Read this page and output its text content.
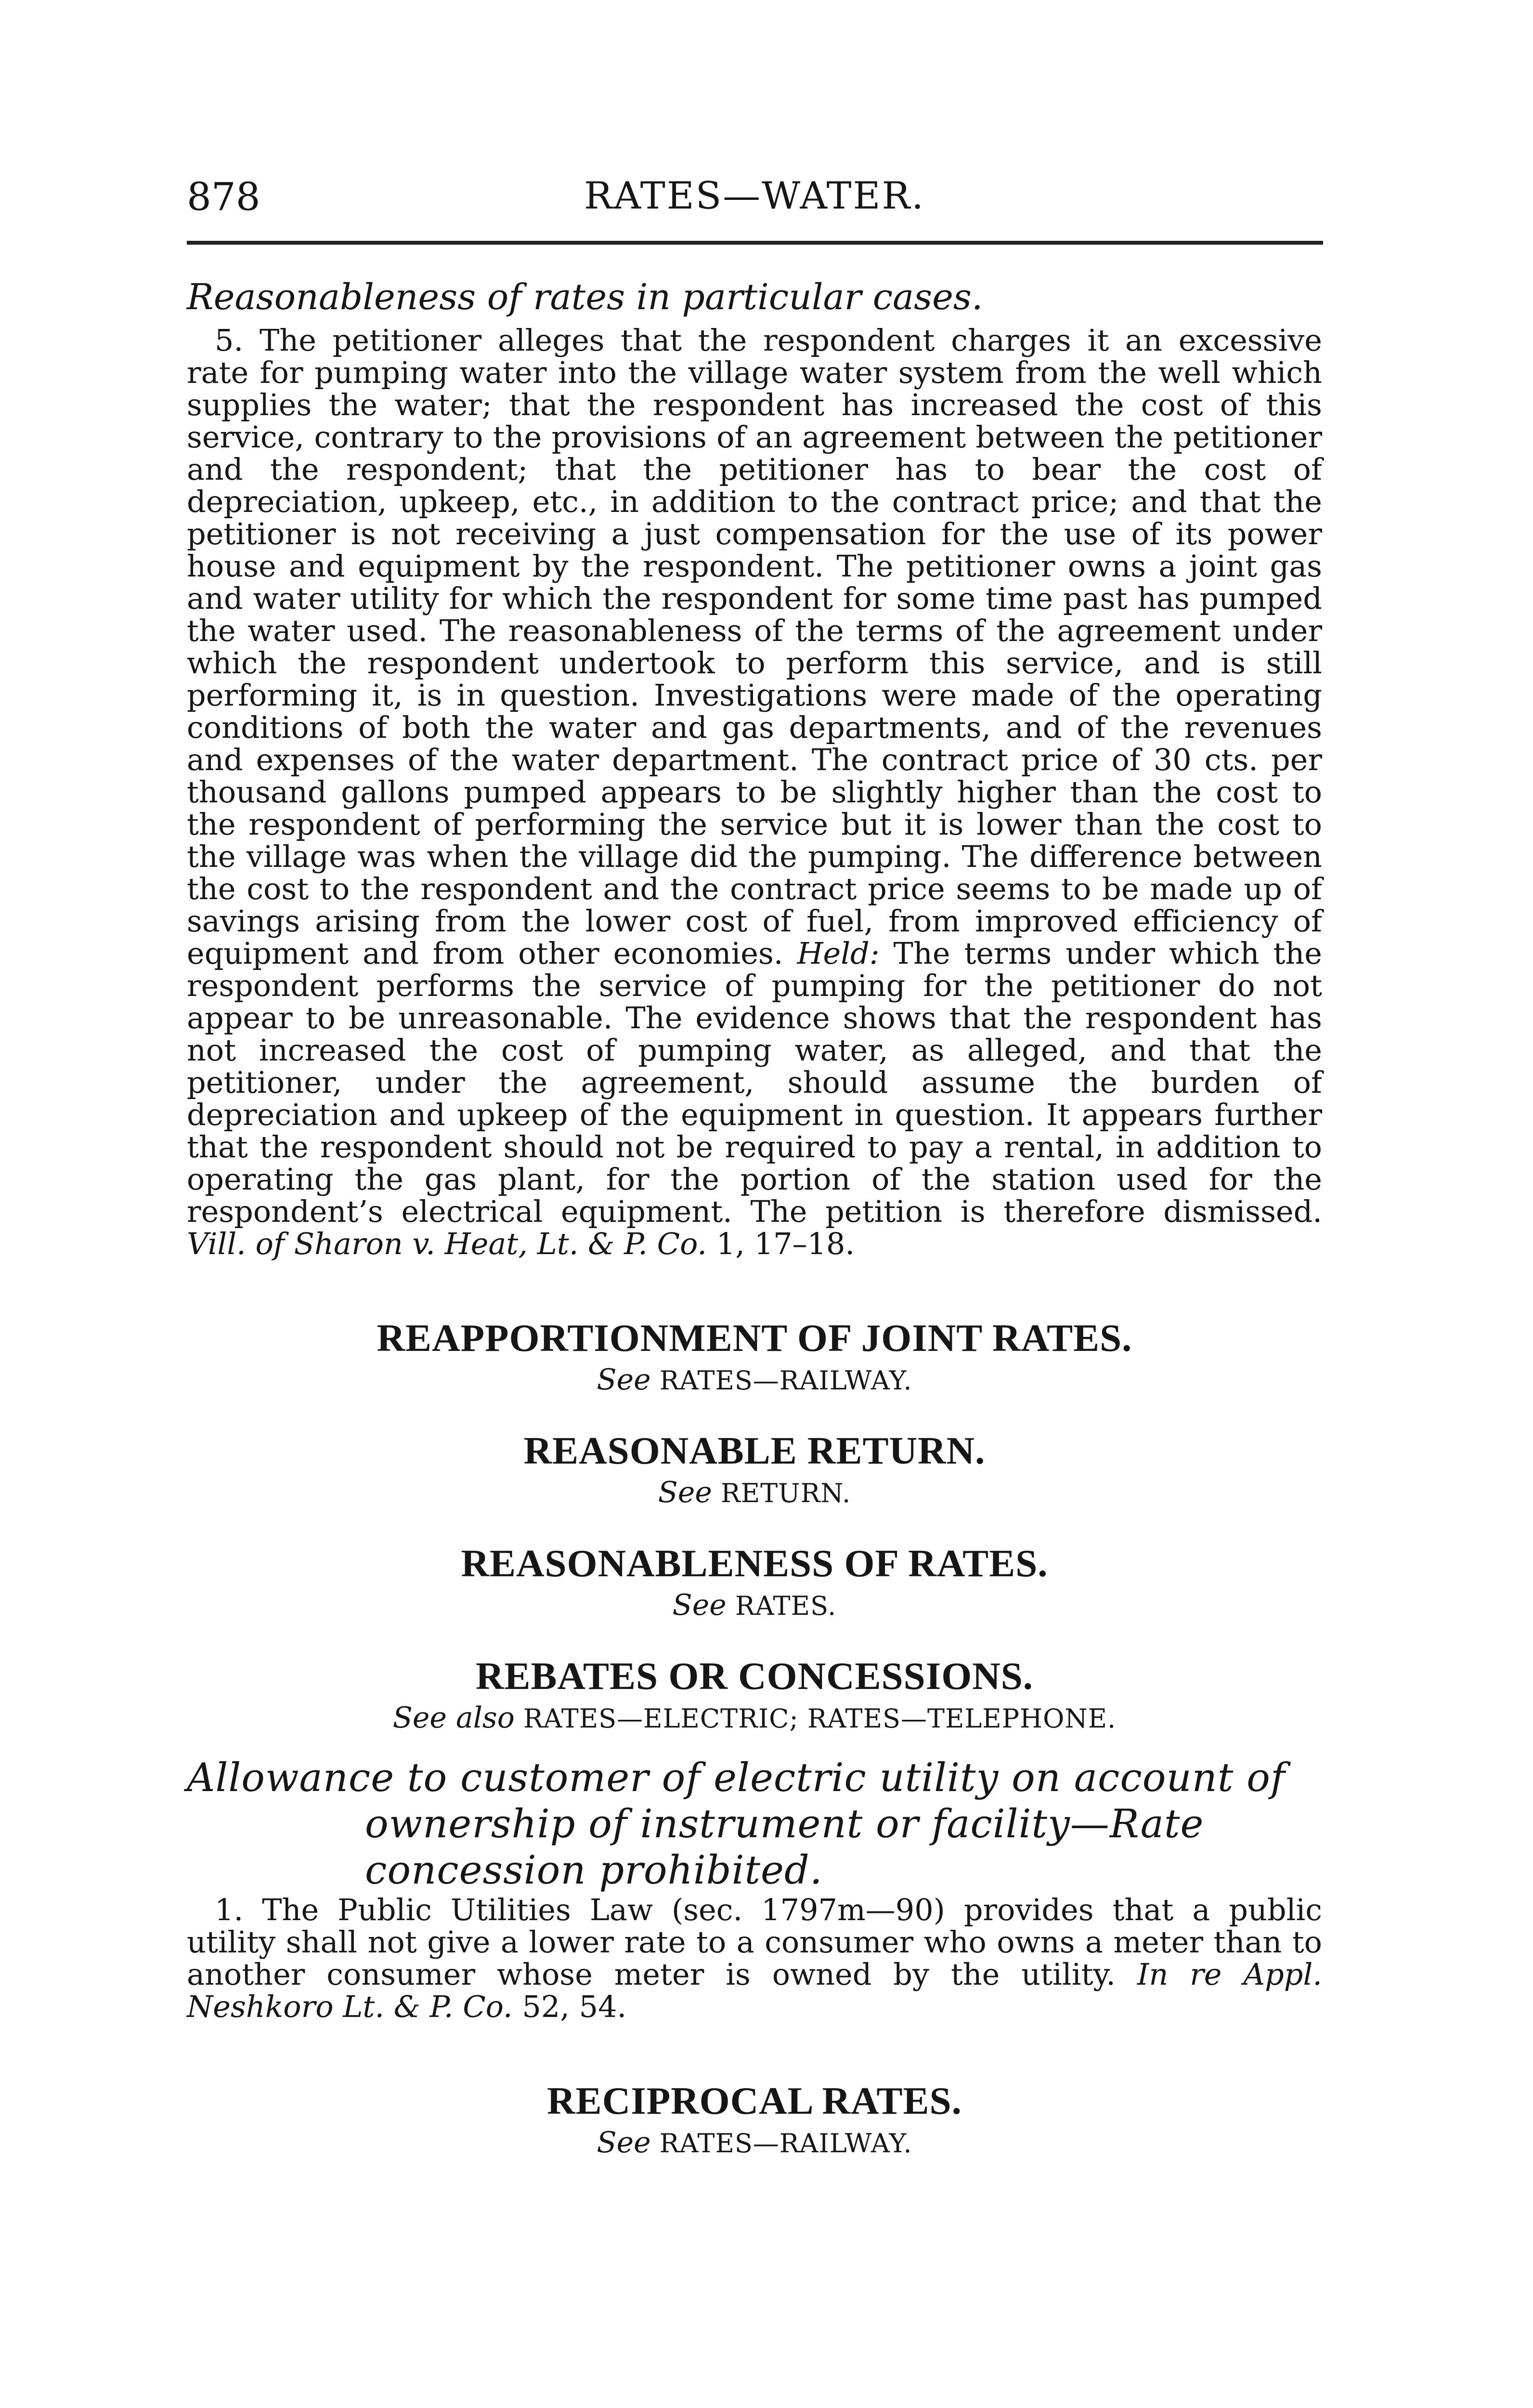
878	RATES—WATER.
Reasonableness of rates in particular cases.

5. The petitioner alleges that the respondent charges it an excessive rate for pumping water into the village water system from the well which supplies the water; that the respondent has increased the cost of this service, contrary to the provisions of an agreement between the petitioner and the respondent; that the petitioner has to bear the cost of depreciation, upkeep, etc., in addition to the contract price; and that the petitioner is not receiving a just compensation for the use of its power house and equipment by the respondent. The petitioner owns a joint gas and water utility for which the respondent for some time past has pumped the water used. The reasonableness of the terms of the agreement under which the respondent undertook to perform this service, and is still performing it, is in question. Investigations were made of the operating conditions of both the water and gas departments, and of the revenues and expenses of the water department. The contract price of 30 cts. per thousand gallons pumped appears to be slightly higher than the cost to the respondent of performing the service but it is lower than the cost to the village was when the village did the pumping. The difference between the cost to the respondent and the contract price seems to be made up of savings arising from the lower cost of fuel, from improved efficiency of equipment and from other economies. Held: The terms under which the respondent performs the service of pumping for the petitioner do not appear to be unreasonable. The evidence shows that the respondent has not increased the cost of pumping water, as alleged, and that the petitioner, under the agreement, should assume the burden of depreciation and upkeep of the equipment in question. It appears further that the respondent should not be required to pay a rental, in addition to operating the gas plant, for the portion of the station used for the respondent’s electrical equipment. The petition is therefore dismissed. Vill. of Sharon v. Heat, Lt. & P. Co. 1, 17–18.

REAPPORTIONMENT OF JOINT RATES.
See RATES—RAILWAY.
REASONABLE RETURN.
See RETURN.
REASONABLENESS OF RATES.
See RATES.
REBATES OR CONCESSIONS.
See also RATES—ELECTRIC; RATES—TELEPHONE.
Allowance to customer of electric utility on account of ownership of instrument or facility—Rate concession prohibited.

1. The Public Utilities Law (sec. 1797m—90) provides that a public utility shall not give a lower rate to a consumer who owns a meter than to another consumer whose meter is owned by the utility. In re Appl. Neshkoro Lt. & P. Co. 52, 54.

RECIPROCAL RATES.
See RATES—RAILWAY.
